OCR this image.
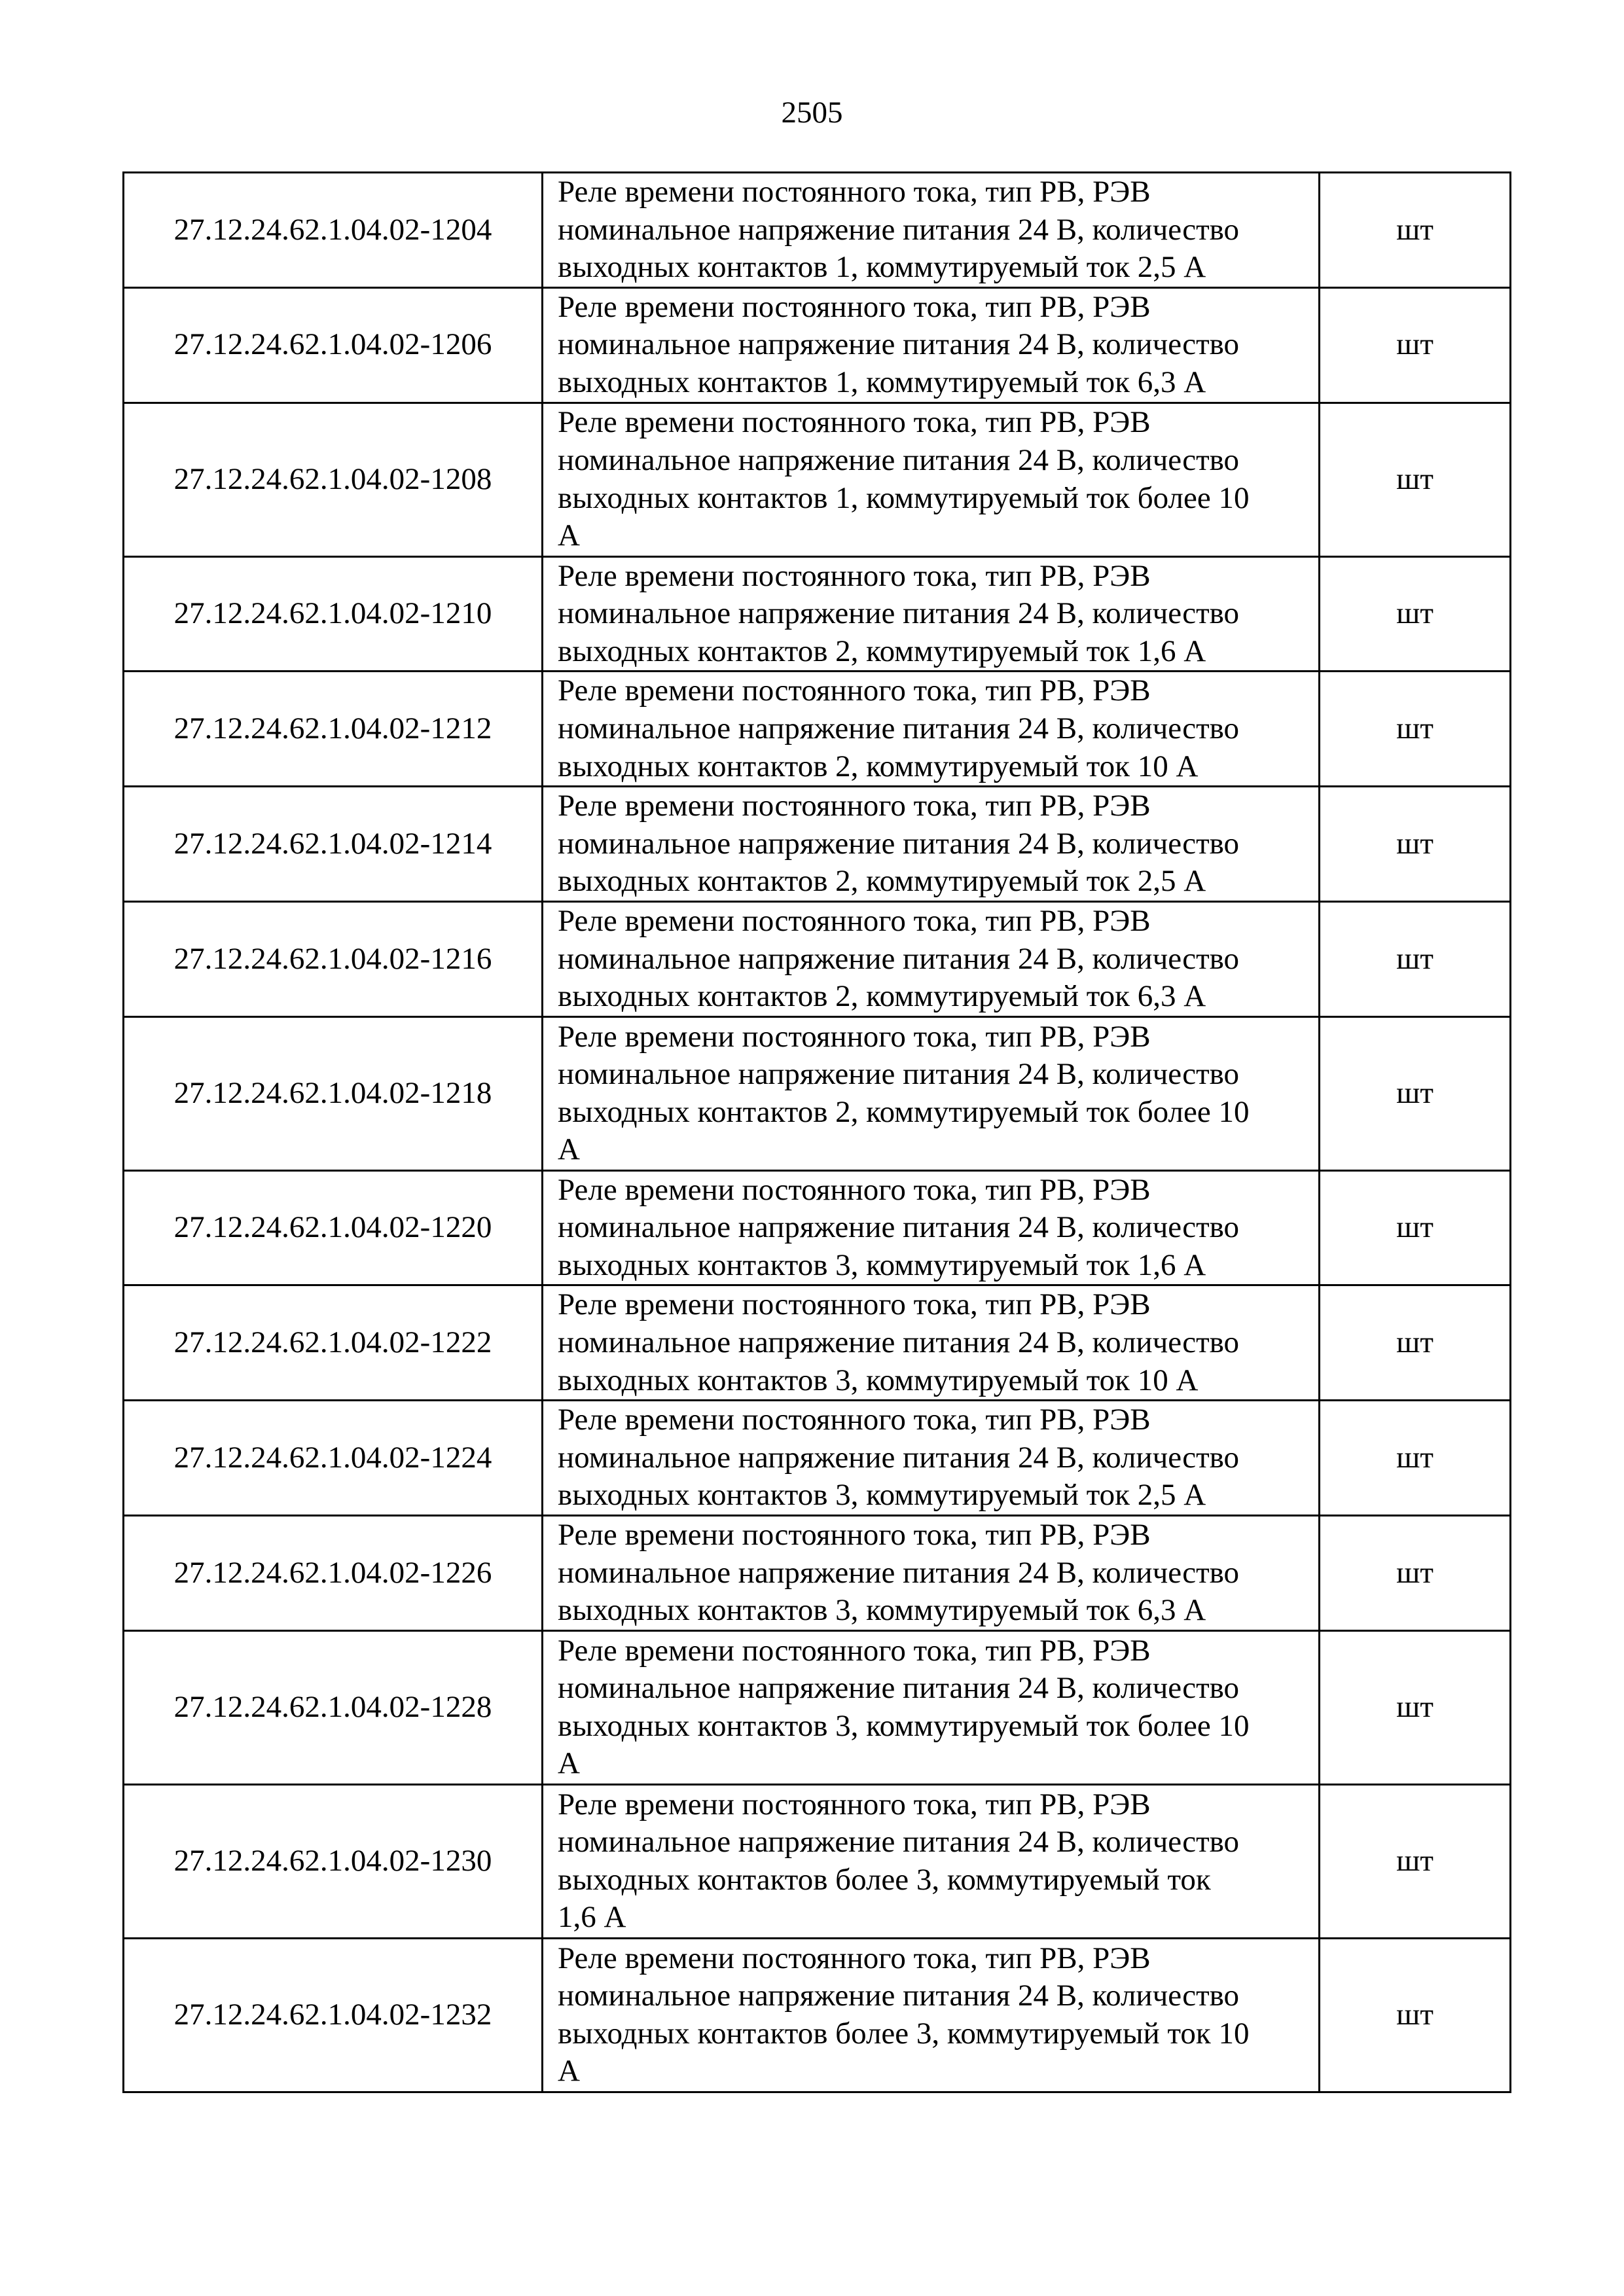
2505
27.12.24.62.1.04.02-1204	Реле времени постоянного тока, тип РВ, РЭВ
номинальное напряжение питания 24 В, количество
выходных контактов 1, коммутируемый ток 2,5 А	шт
27.12.24.62.1.04.02-1206	Реле времени постоянного тока, тип РВ, РЭВ
номинальное напряжение питания 24 В, количество
выходных контактов 1, коммутируемый ток 6,3 А	шт
27.12.24.62.1.04.02-1208	Реле времени постоянного тока, тип РВ, РЭВ
номинальное напряжение питания 24 В, количество
выходных контактов 1, коммутируемый ток более 10
А	шт
27.12.24.62.1.04.02-1210	Реле времени постоянного тока, тип РВ, РЭВ
номинальное напряжение питания 24 В, количество
выходных контактов 2, коммутируемый ток 1,6 А	шт
27.12.24.62.1.04.02-1212	Реле времени постоянного тока, тип РВ, РЭВ
номинальное напряжение питания 24 В, количество
выходных контактов 2, коммутируемый ток 10 А	шт
27.12.24.62.1.04.02-1214	Реле времени постоянного тока, тип РВ, РЭВ
номинальное напряжение питания 24 В, количество
выходных контактов 2, коммутируемый ток 2,5 А	шт
27.12.24.62.1.04.02-1216	Реле времени постоянного тока, тип РВ, РЭВ
номинальное напряжение питания 24 В, количество
выходных контактов 2, коммутируемый ток 6,3 А	шт
27.12.24.62.1.04.02-1218	Реле времени постоянного тока, тип РВ, РЭВ
номинальное напряжение питания 24 В, количество
выходных контактов 2, коммутируемый ток более 10
А	шт
27.12.24.62.1.04.02-1220	Реле времени постоянного тока, тип РВ, РЭВ
номинальное напряжение питания 24 В, количество
выходных контактов 3, коммутируемый ток 1,6 А	шт
27.12.24.62.1.04.02-1222	Реле времени постоянного тока, тип РВ, РЭВ
номинальное напряжение питания 24 В, количество
выходных контактов 3, коммутируемый ток 10 А	шт
27.12.24.62.1.04.02-1224	Реле времени постоянного тока, тип РВ, РЭВ
номинальное напряжение питания 24 В, количество
выходных контактов 3, коммутируемый ток 2,5 А	шт
27.12.24.62.1.04.02-1226	Реле времени постоянного тока, тип РВ, РЭВ
номинальное напряжение питания 24 В, количество
выходных контактов 3, коммутируемый ток 6,3 А	шт
27.12.24.62.1.04.02-1228	Реле времени постоянного тока, тип РВ, РЭВ
номинальное напряжение питания 24 В, количество
выходных контактов 3, коммутируемый ток более 10
А	шт
27.12.24.62.1.04.02-1230	Реле времени постоянного тока, тип РВ, РЭВ
номинальное напряжение питания 24 В, количество
выходных контактов более 3, коммутируемый ток
1,6 А	шт
27.12.24.62.1.04.02-1232	Реле времени постоянного тока, тип РВ, РЭВ
номинальное напряжение питания 24 В, количество
выходных контактов более 3, коммутируемый ток 10
А	шт
